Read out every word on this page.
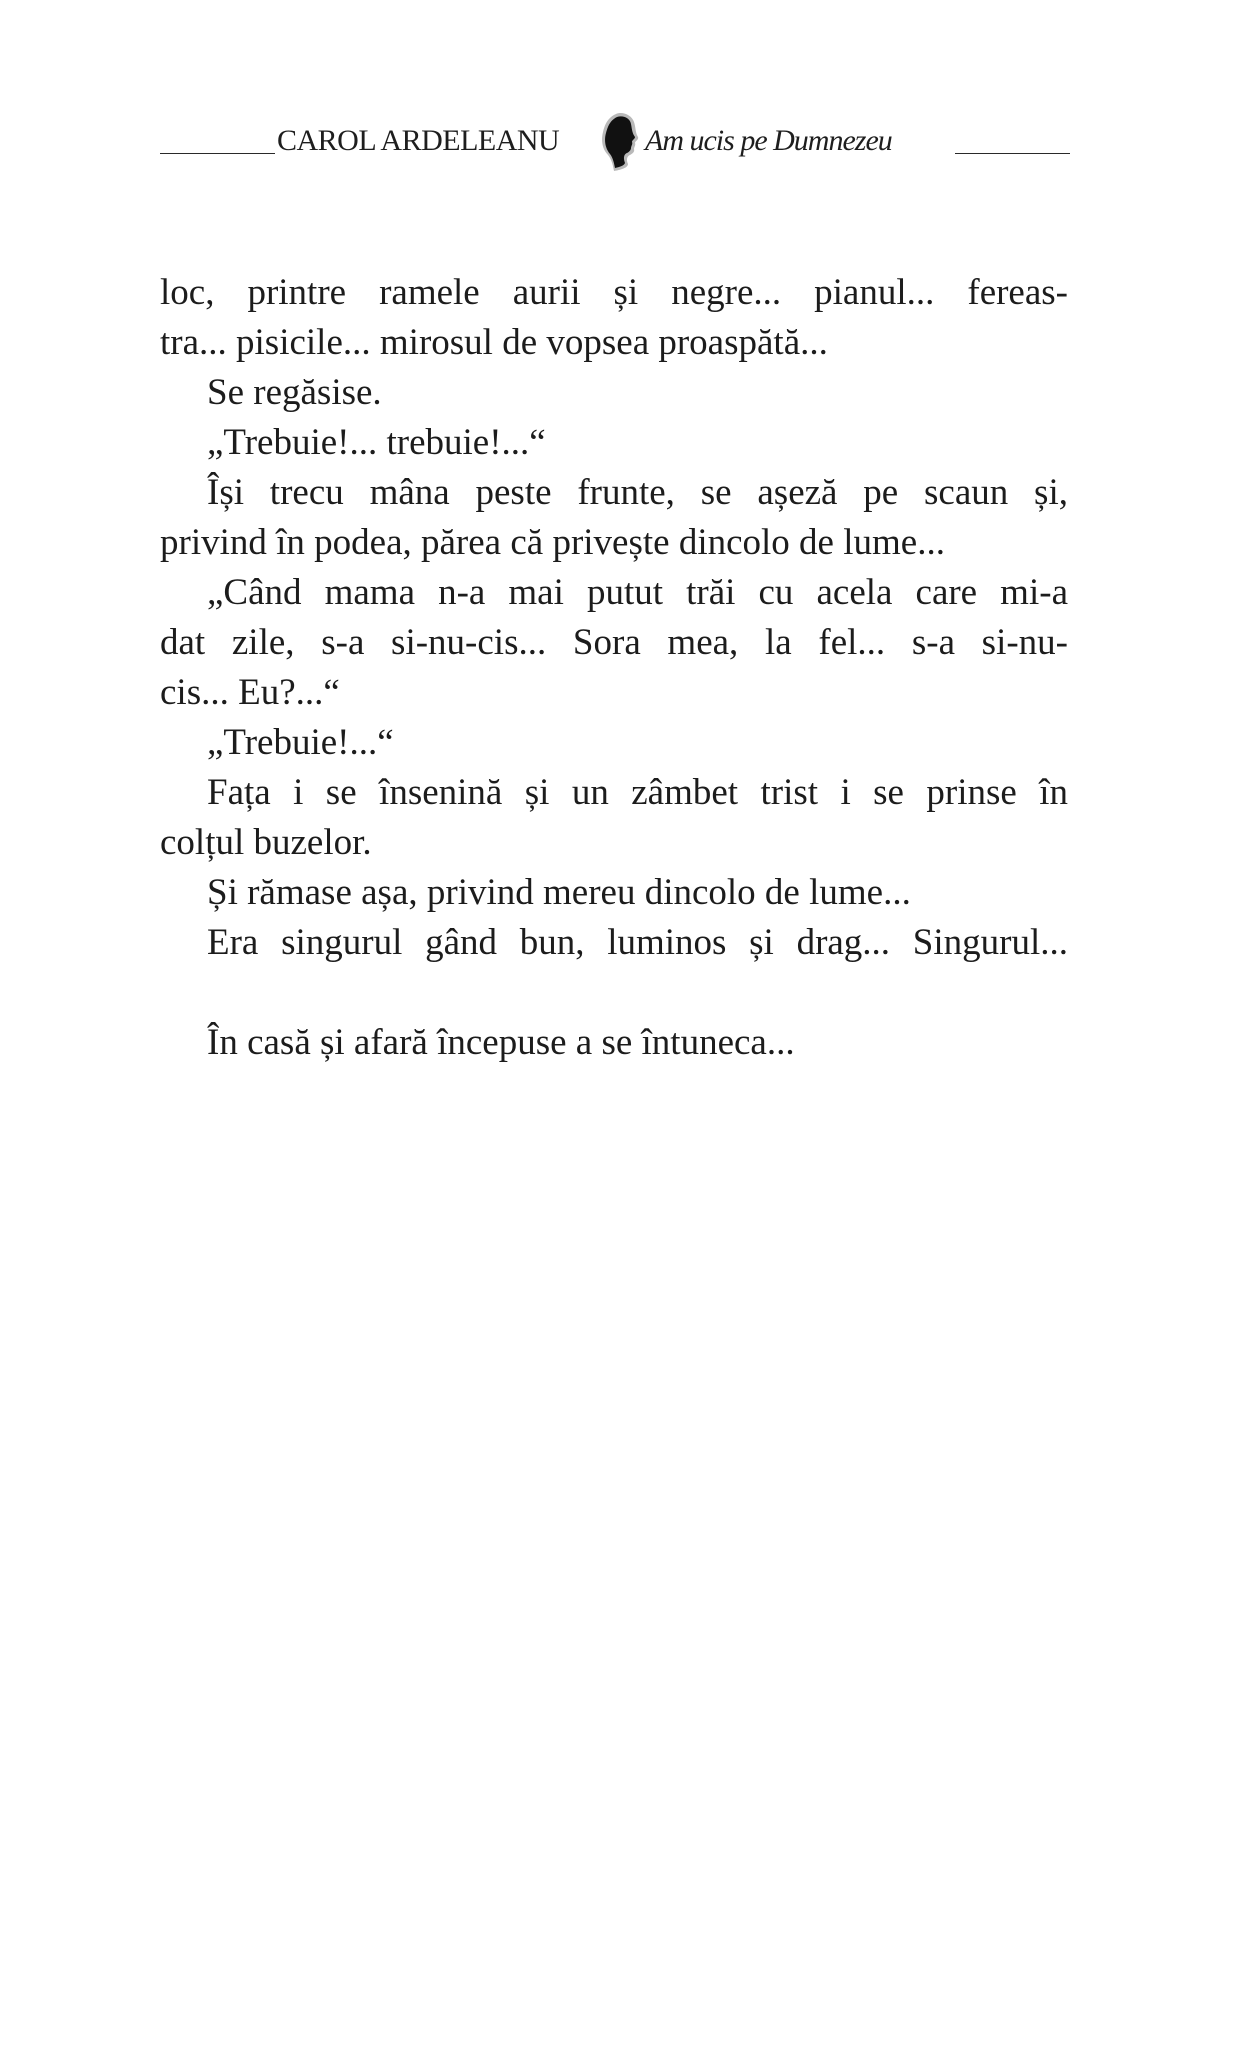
CAROL ARDELEANU	Am ucis pe Dumnezeu
loc, printre ramele aurii și negre... pianul... fereas-
tra... pisicile... mirosul de vopsea proaspătă...
Se regăsise.
„Trebuie!... trebuie!...“
Își trecu mâna peste frunte, se așeză pe scaun și,
privind în podea, părea că privește dincolo de lume...
„Când mama n-a mai putut trăi cu acela care mi-a
dat zile, s-a si-nu-cis... Sora mea, la fel... s-a si-nu-
cis... Eu?...“
„Trebuie!...“
Fața i se însenină și un zâmbet trist i se prinse în
colțul buzelor.
Și rămase așa, privind mereu dincolo de lume...
Era singurul gând bun, luminos și drag... Singurul...
În casă și afară începuse a se întuneca...
